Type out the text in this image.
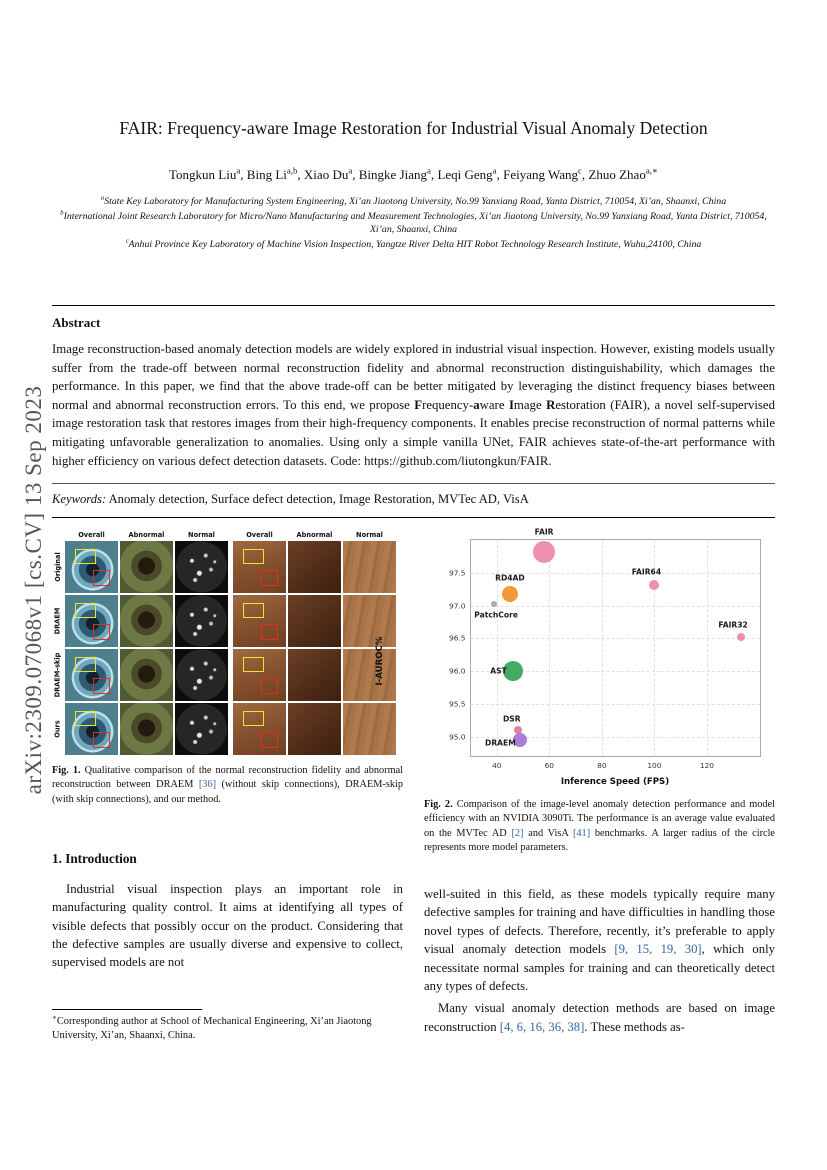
arXiv:2309.07068v1 [cs.CV] 13 Sep 2023
FAIR: Frequency-aware Image Restoration for Industrial Visual Anomaly Detection
Tongkun Liu$^a$, Bing Li$^{a,b}$, Xiao Du$^a$, Bingke Jiang$^a$, Leqi Geng$^a$, Feiyang Wang$^c$, Zhuo Zhao$^{a,∗}$
$^a$State Key Laboratory for Manufacturing System Engineering, Xi’an Jiaotong University, No.99 Yanxiang Road, Yanta District, 710054, Xi’an, Shaanxi, China
$^b$International Joint Research Laboratory for Micro/Nano Manufacturing and Measurement Technologies, Xi’an Jiaotong University, No.99 Yanxiang Road, Yanta District, 710054, Xi’an, Shaanxi, China
$^c$Anhui Province Key Laboratory of Machine Vision Inspection, Yangtze River Delta HIT Robot Technology Research Institute, Wuhu,24100, China
Abstract
Image reconstruction-based anomaly detection models are widely explored in industrial visual inspection. However, existing models usually suffer from the trade-off between normal reconstruction fidelity and abnormal reconstruction distinguishability, which damages the performance. In this paper, we find that the above trade-off can be better mitigated by leveraging the distinct frequency biases between normal and abnormal reconstruction errors. To this end, we propose Frequency-aware Image Restoration (FAIR), a novel self-supervised image restoration task that restores images from their high-frequency components. It enables precise reconstruction of normal patterns while mitigating unfavorable generalization to anomalies. Using only a simple vanilla UNet, FAIR achieves state-of-the-art performance with higher efficiency on various defect detection datasets. Code: https://github.com/liutongkun/FAIR.
Keywords: Anomaly detection, Surface defect detection, Image Restoration, MVTec AD, VisA
Overall	Abnormal	Normal	Overall	Abnormal	Normal
Original
DRAEM
DRAEM-skip
Ours
Fig. 1. Qualitative comparison of the normal reconstruction fidelity and abnormal reconstruction between DRAEM [36] (without skip connections), DRAEM-skip (with skip connections), and our method.
1. Introduction
Industrial visual inspection plays an important role in manufacturing quality control. It aims at identifying all types of visible defects that possibly occur on the product. Considering that the defective samples are usually diverse and expensive to collect, supervised models are not
∗Corresponding author at School of Mechanical Engineering, Xi’an Jiaotong University, Xi’an, Shaanxi, China.
I-AUROC%
95.0
95.5
96.0
96.5
97.0
97.5
40	60	80	100	120
FAIR
FAIR64
RD4AD
PatchCore
FAIR32
AST
DSR
DRAEM
Inference Speed (FPS)
Fig. 2. Comparison of the image-level anomaly detection performance and model efficiency with an NVIDIA 3090Ti. The performance is an average value evaluated on the MVTec AD [2] and VisA [41] benchmarks. A larger radius of the circle represents more model parameters.
well-suited in this field, as these models typically require many defective samples for training and have difficulties in handling those novel types of defects. Therefore, recently, it’s preferable to apply visual anomaly detection models [9, 15, 19, 30], which only necessitate normal samples for training and can theoretically detect any types of defects.
Many visual anomaly detection methods are based on image reconstruction [4, 6, 16, 36, 38]. These methods as-
